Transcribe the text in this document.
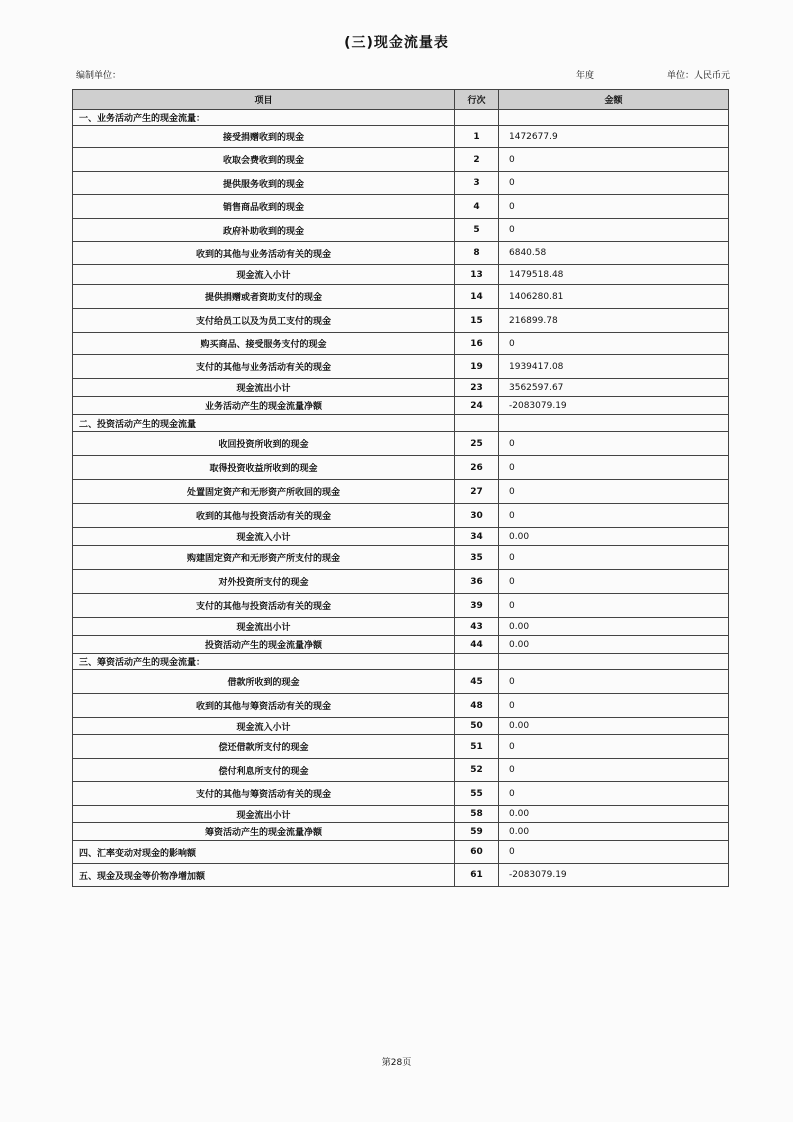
(三)现金流量表
编制单位：	年度	单位：人民币元
项目	行次	金额
一、业务活动产生的现金流量：		
接受捐赠收到的现金	1	1472677.9
收取会费收到的现金	2	0
提供服务收到的现金	3	0
销售商品收到的现金	4	0
政府补助收到的现金	5	0
收到的其他与业务活动有关的现金	8	6840.58
现金流入小计	13	1479518.48
提供捐赠或者资助支付的现金	14	1406280.81
支付给员工以及为员工支付的现金	15	216899.78
购买商品、接受服务支付的现金	16	0
支付的其他与业务活动有关的现金	19	1939417.08
现金流出小计	23	3562597.67
业务活动产生的现金流量净额	24	-2083079.19
二、投资活动产生的现金流量		
收回投资所收到的现金	25	0
取得投资收益所收到的现金	26	0
处置固定资产和无形资产所收回的现金	27	0
收到的其他与投资活动有关的现金	30	0
现金流入小计	34	0.00
购建固定资产和无形资产所支付的现金	35	0
对外投资所支付的现金	36	0
支付的其他与投资活动有关的现金	39	0
现金流出小计	43	0.00
投资活动产生的现金流量净额	44	0.00
三、筹资活动产生的现金流量：		
借款所收到的现金	45	0
收到的其他与筹资活动有关的现金	48	0
现金流入小计	50	0.00
偿还借款所支付的现金	51	0
偿付利息所支付的现金	52	0
支付的其他与筹资活动有关的现金	55	0
现金流出小计	58	0.00
筹资活动产生的现金流量净额	59	0.00
四、汇率变动对现金的影响额	60	0
五、现金及现金等价物净增加额	61	-2083079.19
第28页
